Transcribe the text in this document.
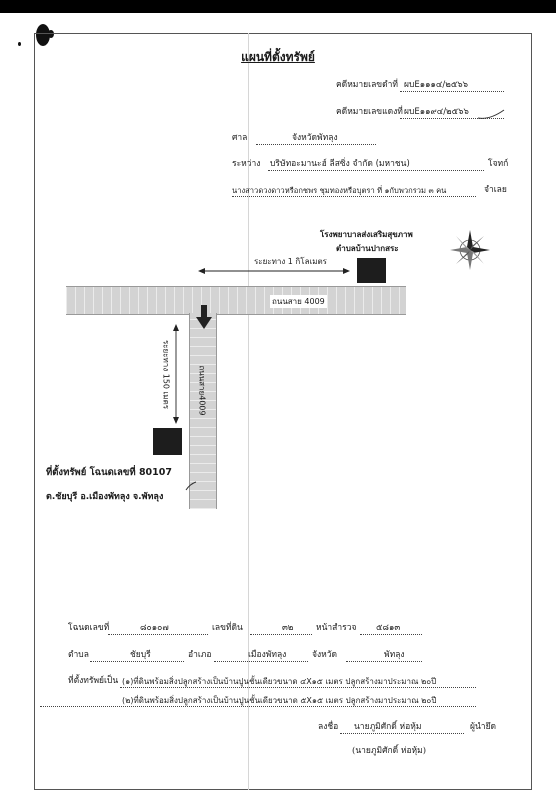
แผนที่ตั้งทรัพย์
คดีหมายเลขดำที่ ผบE๑๑๑๔/๒๕๖๖
คดีหมายเลขแดงที่ ผบE๑๑๙๔/๒๕๖๖
ศาล	จังหวัดพัทลุง
ระหว่าง บริษัทอะมานะฮ์ ลีสซิ่ง จำกัด (มหาชน)	โจทก์
นางสาวดวงดาวหรือกชพร ชุมทองหรือบุตรา ที่ ๑กับพวกรวม ๓ คน	จำเลย
โรงพยาบาลส่งเสริมสุขภาพ
ตำบลบ้านปากสระ
ระยะทาง 1 กิโลเมตร
ถนนสาย 4009
ถนนสาย4009
ระยะทาง 150 เมตร
ที่ตั้งทรัพย์ โฉนดเลขที่ 80107
ต.ชัยบุรี อ.เมืองพัทลุง จ.พัทลุง
โฉนดเลขที่	๘๐๑๐๗	เลขที่ดิน	๓๒	หน้าสำรวจ ๕๘๑๓
ตำบล	ชัยบุรี	อำเภอ	เมืองพัทลุง	จังหวัด	พัทลุง
ที่ตั้งทรัพย์เป็น (๑)ที่ดินพร้อมสิ่งปลูกสร้างเป็นบ้านปูนชั้นเดียวขนาด ๔X๑๕ เมตร ปลูกสร้างมาประมาณ ๒๐ปี
(๒)ที่ดินพร้อมสิ่งปลูกสร้างเป็นบ้านปูนชั้นเดียวขนาด ๕X๑๕ เมตร ปลูกสร้างมาประมาณ ๒๐ปี
ลงชื่อ นายภูมิศักดิ์ ห่อหุ้ม	ผู้นำยึด
(นายภูมิศักดิ์ ห่อหุ้ม)
